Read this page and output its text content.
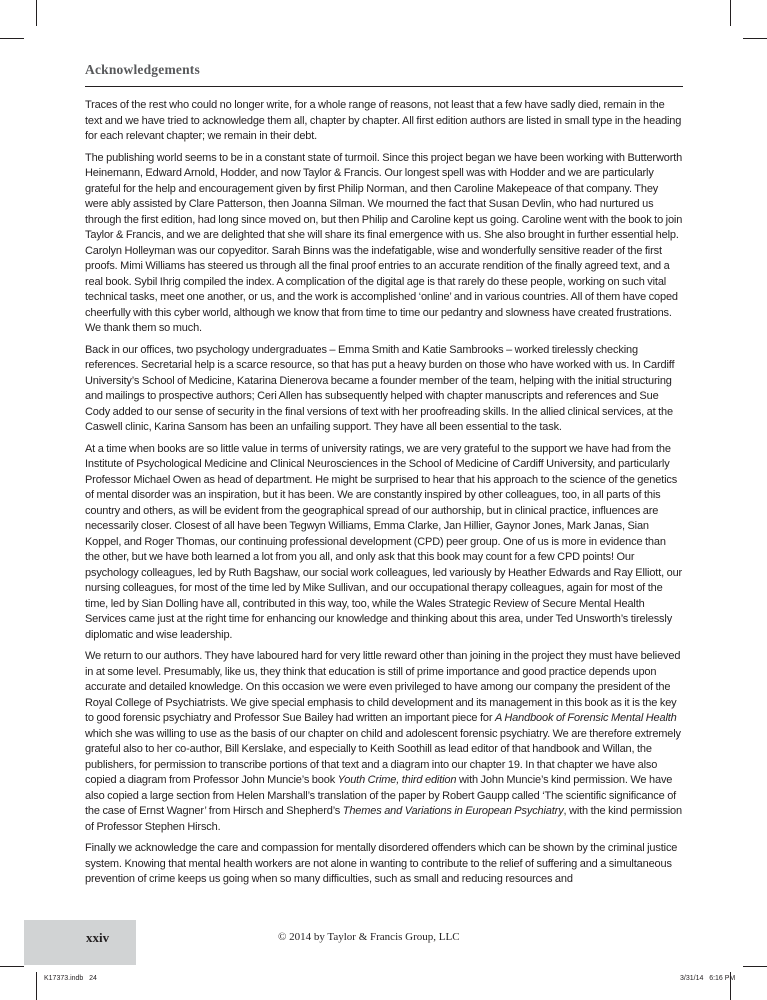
Acknowledgements

Traces of the rest who could no longer write, for a whole range of reasons, not least that a few have sadly died, remain in the text and we have tried to acknowledge them all, chapter by chapter. All first edition authors are listed in small type in the heading for each relevant chapter; we remain in their debt.

The publishing world seems to be in a constant state of turmoil. Since this project began we have been working with Butterworth Heinemann, Edward Arnold, Hodder, and now Taylor & Francis. Our longest spell was with Hodder and we are particularly grateful for the help and encouragement given by first Philip Norman, and then Caroline Makepeace of that company. They were ably assisted by Clare Patterson, then Joanna Silman. We mourned the fact that Susan Devlin, who had nurtured us through the first edition, had long since moved on, but then Philip and Caroline kept us going. Caroline went with the book to join Taylor & Francis, and we are delighted that she will share its final emergence with us. She also brought in further essential help. Carolyn Holleyman was our copyeditor. Sarah Binns was the indefatigable, wise and wonderfully sensitive reader of the first proofs. Mimi Williams has steered us through all the final proof entries to an accurate rendition of the finally agreed text, and a real book. Sybil Ihrig compiled the index. A complication of the digital age is that rarely do these people, working on such vital technical tasks, meet one another, or us, and the work is accomplished ‘online’ and in various countries. All of them have coped cheerfully with this cyber world, although we know that from time to time our pedantry and slowness have created frustrations. We thank them so much.

Back in our offices, two psychology undergraduates – Emma Smith and Katie Sambrooks – worked tirelessly checking references. Secretarial help is a scarce resource, so that has put a heavy burden on those who have worked with us. In Cardiff University’s School of Medicine, Katarina Dienerova became a founder member of the team, helping with the initial structuring and mailings to prospective authors; Ceri Allen has subsequently helped with chapter manuscripts and references and Sue Cody added to our sense of security in the final versions of text with her proofreading skills. In the allied clinical services, at the Caswell clinic, Karina Sansom has been an unfailing support. They have all been essential to the task.

At a time when books are so little value in terms of university ratings, we are very grateful to the support we have had from the Institute of Psychological Medicine and Clinical Neurosciences in the School of Medicine of Cardiff University, and particularly Professor Michael Owen as head of department. He might be surprised to hear that his approach to the science of the genetics of mental disorder was an inspiration, but it has been. We are constantly inspired by other colleagues, too, in all parts of this country and others, as will be evident from the geographical spread of our authorship, but in clinical practice, influences are necessarily closer. Closest of all have been Tegwyn Williams, Emma Clarke, Jan Hillier, Gaynor Jones, Mark Janas, Sian Koppel, and Roger Thomas, our continuing professional development (CPD) peer group. One of us is more in evidence than the other, but we have both learned a lot from you all, and only ask that this book may count for a few CPD points! Our psychology colleagues, led by Ruth Bagshaw, our social work colleagues, led variously by Heather Edwards and Ray Elliott, our nursing colleagues, for most of the time led by Mike Sullivan, and our occupational therapy colleagues, again for most of the time, led by Sian Dolling have all, contributed in this way, too, while the Wales Strategic Review of Secure Mental Health Services came just at the right time for enhancing our knowledge and thinking about this area, under Ted Unsworth’s tirelessly diplomatic and wise leadership.

We return to our authors. They have laboured hard for very little reward other than joining in the project they must have believed in at some level. Presumably, like us, they think that education is still of prime importance and good practice depends upon accurate and detailed knowledge. On this occasion we were even privileged to have among our company the president of the Royal College of Psychiatrists. We give special emphasis to child development and its management in this book as it is the key to good forensic psychiatry and Professor Sue Bailey had written an important piece for A Handbook of Forensic Mental Health which she was willing to use as the basis of our chapter on child and adolescent forensic psychiatry. We are therefore extremely grateful also to her co-author, Bill Kerslake, and especially to Keith Soothill as lead editor of that handbook and Willan, the publishers, for permission to transcribe portions of that text and a diagram into our chapter 19. In that chapter we have also copied a diagram from Professor John Muncie’s book Youth Crime, third edition with John Muncie’s kind permission. We have also copied a large section from Helen Marshall’s translation of the paper by Robert Gaupp called ‘The scientific significance of the case of Ernst Wagner’ from Hirsch and Shepherd’s Themes and Variations in European Psychiatry, with the kind permission of Professor Stephen Hirsch.

Finally we acknowledge the care and compassion for mentally disordered offenders which can be shown by the criminal justice system. Knowing that mental health workers are not alone in wanting to contribute to the relief of suffering and a simultaneous prevention of crime keeps us going when so many difficulties, such as small and reducing resources and

xxiv	© 2014 by Taylor & Francis Group, LLC
K17373.indb   24	3/31/14   6:16 PM
